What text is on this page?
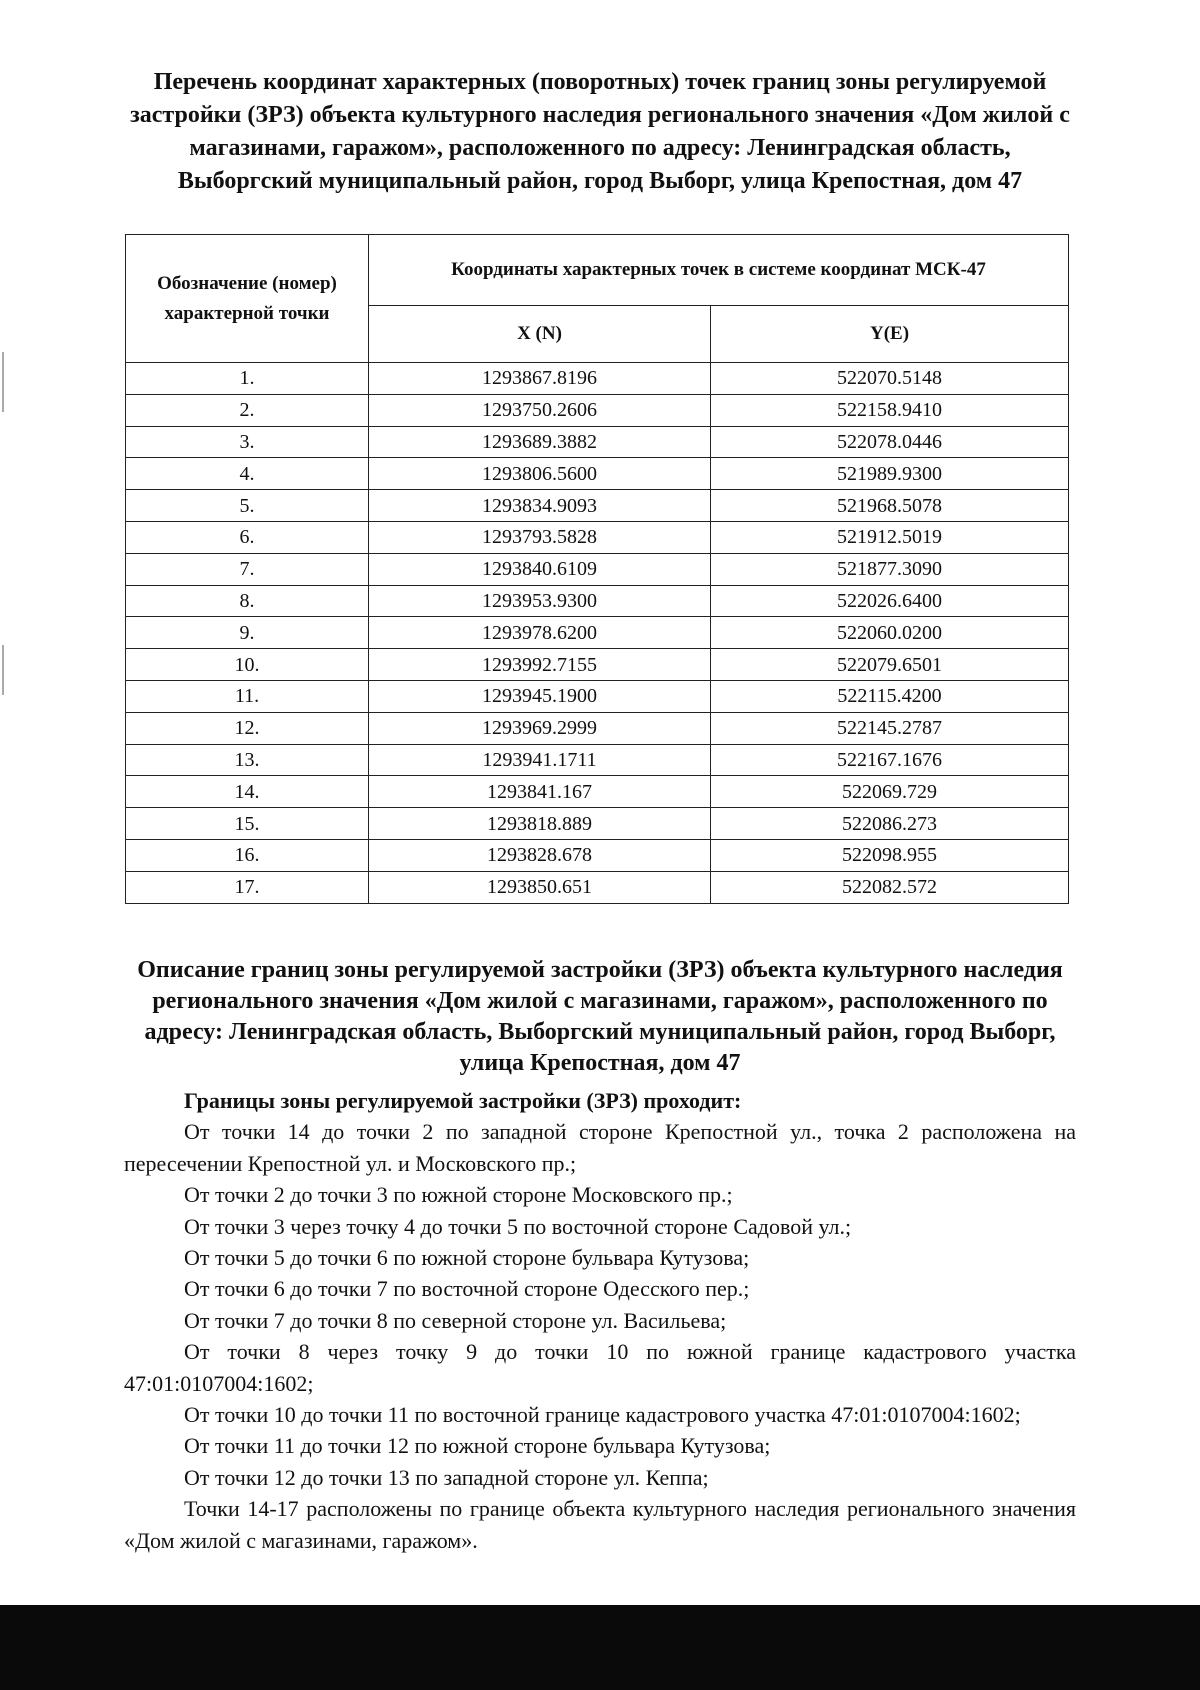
Перечень координат характерных (поворотных) точек границ зоны регулируемой застройки (ЗРЗ) объекта культурного наследия регионального значения «Дом жилой с магазинами, гаражом», расположенного по адресу: Ленинградская область, Выборгский муниципальный район, город Выборг, улица Крепостная, дом 47
Обозначение (номер) характерной точки	Координаты характерных точек в системе координат МСК-47	
	X (N)	Y(E)
1.	1293867.8196	522070.5148
2.	1293750.2606	522158.9410
3.	1293689.3882	522078.0446
4.	1293806.5600	521989.9300
5.	1293834.9093	521968.5078
6.	1293793.5828	521912.5019
7.	1293840.6109	521877.3090
8.	1293953.9300	522026.6400
9.	1293978.6200	522060.0200
10.	1293992.7155	522079.6501
11.	1293945.1900	522115.4200
12.	1293969.2999	522145.2787
13.	1293941.1711	522167.1676
14.	1293841.167	522069.729
15.	1293818.889	522086.273
16.	1293828.678	522098.955
17.	1293850.651	522082.572
Описание границ зоны регулируемой застройки (ЗРЗ) объекта культурного наследия регионального значения «Дом жилой с магазинами, гаражом», расположенного по адресу: Ленинградская область, Выборгский муниципальный район, город Выборг, улица Крепостная, дом 47

Границы зоны регулируемой застройки (ЗРЗ) проходит:

От точки 14 до точки 2 по западной стороне Крепостной ул., точка 2 расположена на пересечении Крепостной ул. и Московского пр.;

От точки 2 до точки 3 по южной стороне Московского пр.;

От точки 3 через точку 4 до точки 5 по восточной стороне Садовой ул.;

От точки 5 до точки 6 по южной стороне бульвара Кутузова;

От точки 6 до точки 7 по восточной стороне Одесского пер.;

От точки 7 до точки 8 по северной стороне ул. Васильева;

От точки 8 через точку 9 до точки 10 по южной границе кадастрового участка 47:01:0107004:1602;

От точки 10 до точки 11 по восточной границе кадастрового участка 47:01:0107004:1602;

От точки 11 до точки 12 по южной стороне бульвара Кутузова;

От точки 12 до точки 13 по западной стороне ул. Кеппа;

Точки 14-17 расположены по границе объекта культурного наследия регионального значения «Дом жилой с магазинами, гаражом».
